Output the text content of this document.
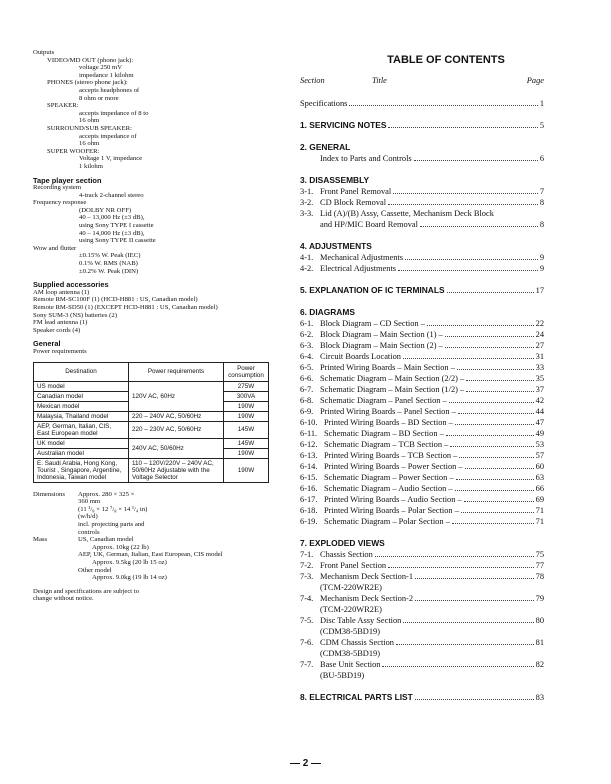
Outputs
VIDEO/MD OUT (phono jack):
voltage 250 mV
impedance 1 kilohm
PHONES (stereo phone jack):
accepts headphones of
8 ohm or more
SPEAKER:
accepts impedance of 8 to
16 ohm
SURROUND/SUB SPEAKER:
accepts impedance of
16 ohm
SUPER WOOFER:
Voltage 1 V, impedance
1 kilohm
Tape player section
Recording system
4-track 2-channel stereo
Frequency response
(DOLBY NR OFF)
40 – 13,000 Hz (±3 dB),
using Sony TYPE I cassette
40 – 14,000 Hz (±3 dB),
using Sony TYPE II cassette
Wow and flutter
±0.15% W. Peak (IEC)
0.1% W. RMS (NAB)
±0.2% W. Peak (DIN)
Supplied accessories
AM loop antenna (1)
Remote RM-SC100F (1) (HCD-H881 : US, Canadian model)
Remote RM-SD50 (1) (EXCEPT HCD-H881 : US, Canadian model)
Sony SUM-3 (NS) batteries (2)
FM lead antenna (1)
Speaker cords (4)
General
Power requirements
Destination	Power requirements	Power consumption
US model	120V AC, 60Hz	275W
Canadian model		300VA
Mexican model		190W
Malaysia, Thailand model	220 – 240V AC, 50/60Hz	190W
AEP, German, Italian, CIS, East European model	220 – 230V AC, 50/60Hz	145W
UK model	240V AC, 50/60Hz	145W
Australian model		190W
E. Saudi Arabia, Hong Kong, Tourist , Singapore, Argentine, Indonesia, Taiwan model	110 – 120V/220V – 240V AC, 50/60Hz Adjustable with the Voltage Selector	190W
Dimensions	Approx. 280 × 325 ×
360 mm
(11 ¹/₈ × 12 ⁷/₈ × 14 ¹/₄ in)
(w/h/d)
incl. projecting parts and
controls
Mass	US, Canadian model
Approx. 10kg (22 lb)
AEP, UK, German, Italian, East European, CIS model
Approx. 9.5kg (20 lb 15 oz)
Other model
Approx. 9.0kg (19 lb 14 oz)
Design and specifications are subject to
change without notice.
TABLE OF CONTENTS
Section	Title	Page
Specifications	1
1. SERVICING NOTES	5
2. GENERAL
Index to Parts and Controls	6
3. DISASSEMBLY
3-1. Front Panel Removal	7
3-2. CD Block Removal	8
3-3. Lid (A)/(B) Assy, Cassette, Mechanism Deck Block
and HP/MIC Board Removal	8
4. ADJUSTMENTS
4-1. Mechanical Adjustments	9
4-2. Electrical Adjustments	9
5. EXPLANATION OF IC TERMINALS	17
6. DIAGRAMS
6-1. Block Diagram – CD Section –	22
6-2. Block Diagram – Main Section (1) –	24
6-3. Block Diagram – Main Section (2) –	27
6-4. Circuit Boards Location	31
6-5. Printed Wiring Boards – Main Section –	33
6-6. Schematic Diagram – Main Section (2/2) –	35
6-7. Schematic Diagram – Main Section (1/2) –	37
6-8. Schematic Diagram – Panel Section –	42
6-9. Printed Wiring Boards – Panel Section –	44
6-10. Printed Wiring Boards – BD Section –	47
6-11. Schematic Diagram – BD Section –	49
6-12. Schematic Diagram – TCB Section –	53
6-13. Printed Wiring Boards – TCB Section –	57
6-14. Printed Wiring Boards – Power Section –	60
6-15. Schematic Diagram – Power Section –	63
6-16. Schematic Diagram – Audio Section –	66
6-17. Printed Wiring Boards – Audio Section –	69
6-18. Printed Wiring Boards – Polar Section –	71
6-19. Schematic Diagram – Polar Section –	71
7. EXPLODED VIEWS
7-1. Chassis Section	75
7-2. Front Panel Section	77
7-3. Mechanism Deck Section-1	78
(TCM-220WR2E)
7-4. Mechanism Deck Section-2	79
(TCM-220WR2E)
7-5. Disc Table Assy Section	80
(CDM38-5BD19)
7-6. CDM Chassis Section	81
(CDM38-5BD19)
7-7. Base Unit Section	82
(BU-5BD19)
8. ELECTRICAL PARTS LIST	83
— 2 —
